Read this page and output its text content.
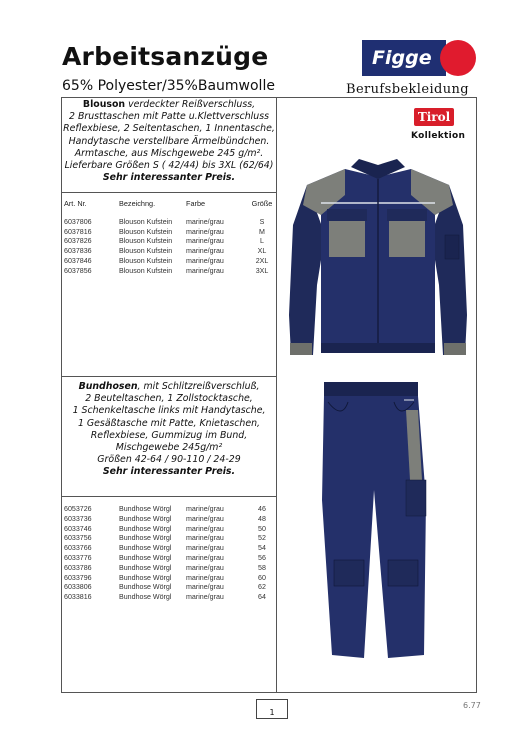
Arbeitsanzüge
65% Polyester/35%Baumwolle
Figge
Berufsbekleidung
Blouson verdeckter Reißverschluss,
2 Brusttaschen mit Patte u.Klettverschluss
Reflexbiese, 2 Seitentaschen, 1 Innentasche,
Handytasche verstellbare Ärmelbündchen.
Armtasche, aus Mischgewebe 245 g/m².
Lieferbare Größen S ( 42/44) bis 3XL (62/64)
Sehr interessanter Preis.
Art. Nr.	Bezeichng.	Farbe	Größe
6037806	Blouson Kufstein marine/grau	S
6037816	Blouson Kufstein marine/grau	M
6037826	Blouson Kufstein marine/grau	L
6037836	Blouson Kufstein marine/grau	XL
6037846	Blouson Kufstein marine/grau	2XL
6037856	Blouson Kufstein marine/grau	3XL
Bundhosen, mit Schlitzreißverschluß,
2 Beuteltaschen, 1 Zollstocktasche,
1 Schenkeltasche links mit Handytasche,
1 Gesäßtasche mit Patte, Knietaschen,
Reflexbiese, Gummizug im Bund,
Mischgewebe 245g/m²
Größen 42-64 / 90-110 / 24-29
Sehr interessanter Preis.
6053726	Bundhose Wörgl marine/grau	46
6033736	Bundhose Wörgl marine/grau	48
6033746	Bundhose Wörgl marine/grau	50
6033756	Bundhose Wörgl marine/grau	52
6033766	Bundhose Wörgl marine/grau	54
6033776	Bundhose Wörgl marine/grau	56
6033786	Bundhose Wörgl marine/grau	58
6033796	Bundhose Wörgl marine/grau	60
6033806	Bundhose Wörgl marine/grau	62
6033816	Bundhose Wörgl marine/grau	64
Tirol
Kollektion
1
6.77
